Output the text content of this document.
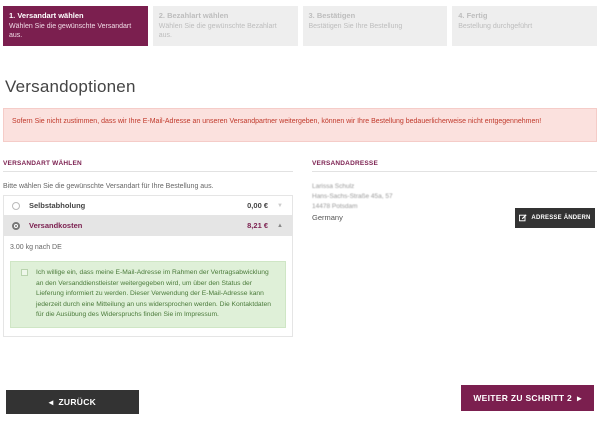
1. Versandart wählen
Wählen Sie die gewünschte Versandart aus.
2. Bezahlart wählen
Wählen Sie die gewünschte Bezahlart aus.
3. Bestätigen
Bestätigen Sie Ihre Bestellung
4. Fertig
Bestellung durchgeführt
Versandoptionen
Sofern Sie nicht zustimmen, dass wir Ihre E-Mail-Adresse an unseren Versandpartner weitergeben, können wir Ihre Bestellung bedauerlicherweise nicht entgegennehmen!
VERSANDART WÄHLEN
Bitte wählen Sie die gewünschte Versandart für Ihre Bestellung aus.
Selbstabholung	0,00 € ▼
Versandkosten	8,21 € ▲
3.00 kg nach DE
Ich willige ein, dass meine E-Mail-Adresse im Rahmen der Vertragsabwicklung an den Versanddienstleister weitergegeben wird, um über den Status der Lieferung informiert zu werden. Dieser Verwendung der E-Mail-Adresse kann jederzeit durch eine Mitteilung an uns widersprochen werden. Die Kontaktdaten für die Ausübung des Widerspruchs finden Sie im Impressum.
VERSANDADRESSE
Larissa Schulz
Hans-Sachs-Straße 45a, 57
14478 Potsdam
Germany	ADRESSE ÄNDERN
◂ ZURÜCK	WEITER ZU SCHRITT 2 ▸
